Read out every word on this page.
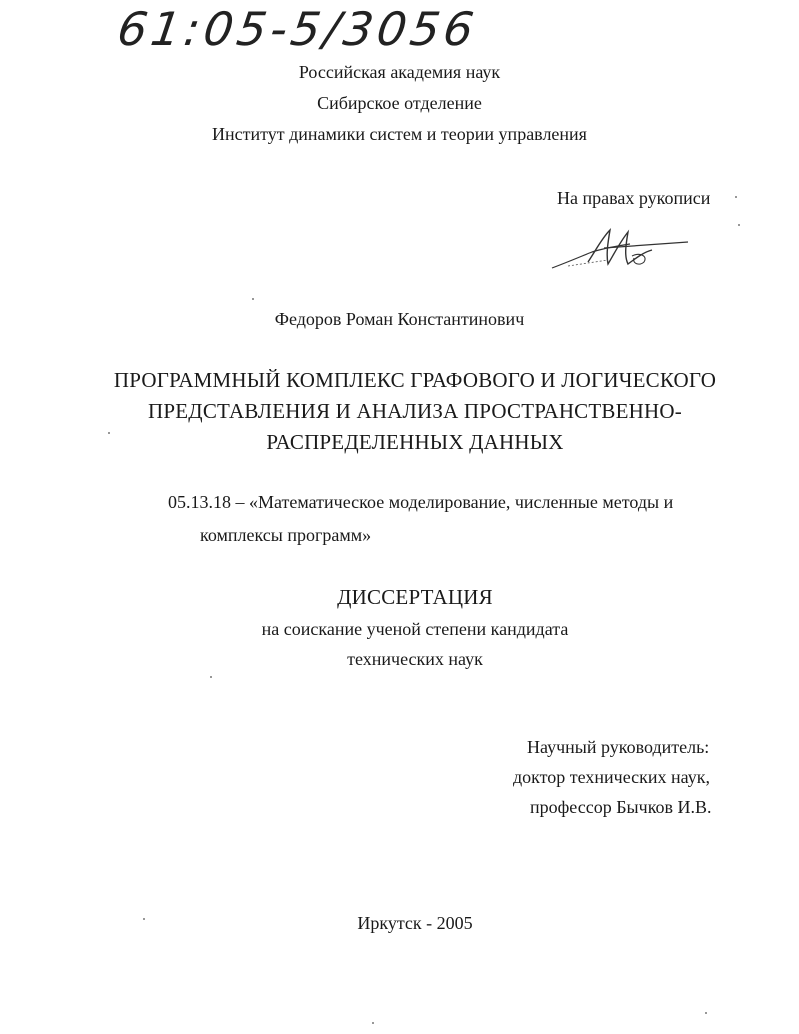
61:05-5/3056
Российская академия наук
Сибирское отделение
Институт динамики систем и теории управления
На правах рукописи
Федоров Роман Константинович
ПРОГРАММНЫЙ КОМПЛЕКС ГРАФОВОГО И ЛОГИЧЕСКОГО
ПРЕДСТАВЛЕНИЯ И АНАЛИЗА ПРОСТРАНСТВЕННО-
РАСПРЕДЕЛЕННЫХ ДАННЫХ
05.13.18 – «Математическое моделирование, численные методы и
комплексы программ»
ДИССЕРТАЦИЯ
на соискание ученой степени кандидата
технических наук
Научный руководитель:
доктор технических наук,
профессор Бычков И.В.
Иркутск - 2005
